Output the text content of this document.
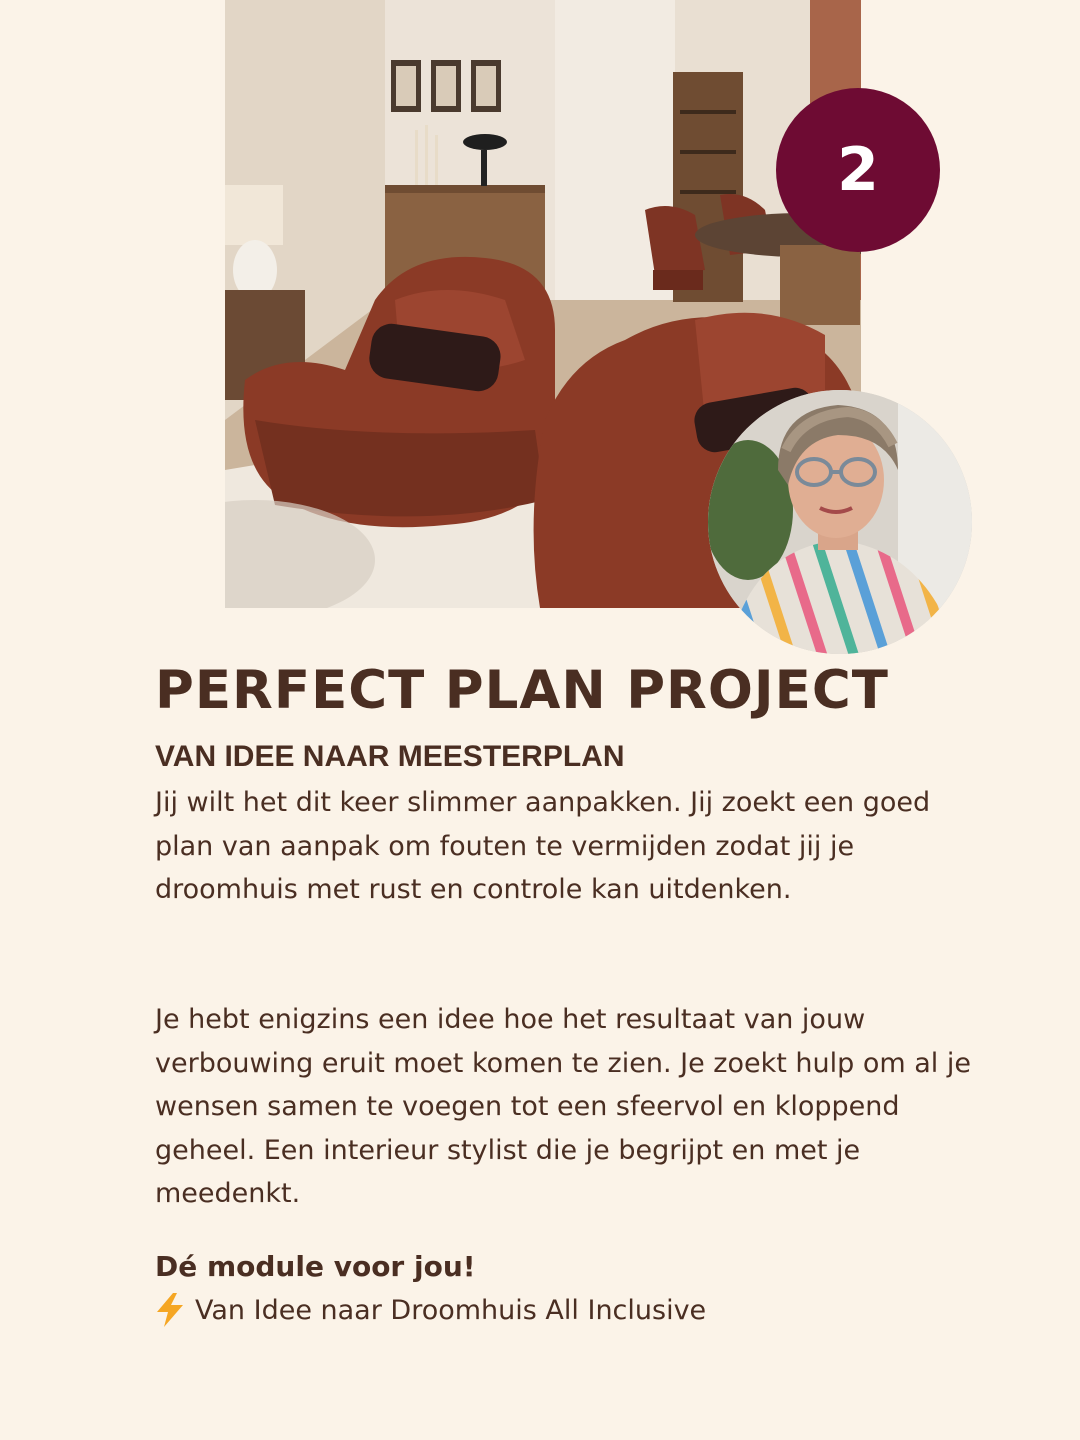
2
PERFECT PLAN PROJECT
VAN IDEE NAAR MEESTERPLAN
Jij wilt het dit keer slimmer aanpakken. Jij zoekt een goed plan van aanpak om fouten te vermijden zodat jij je droomhuis met rust en controle kan uitdenken.
Je hebt enigzins een idee hoe het resultaat van jouw verbouwing eruit moet komen te zien. Je zoekt hulp om al je wensen samen te voegen tot een sfeervol en kloppend geheel. Een interieur stylist die je begrijpt en met je meedenkt.
Dé module voor jou!
Van Idee naar Droomhuis All Inclusive
